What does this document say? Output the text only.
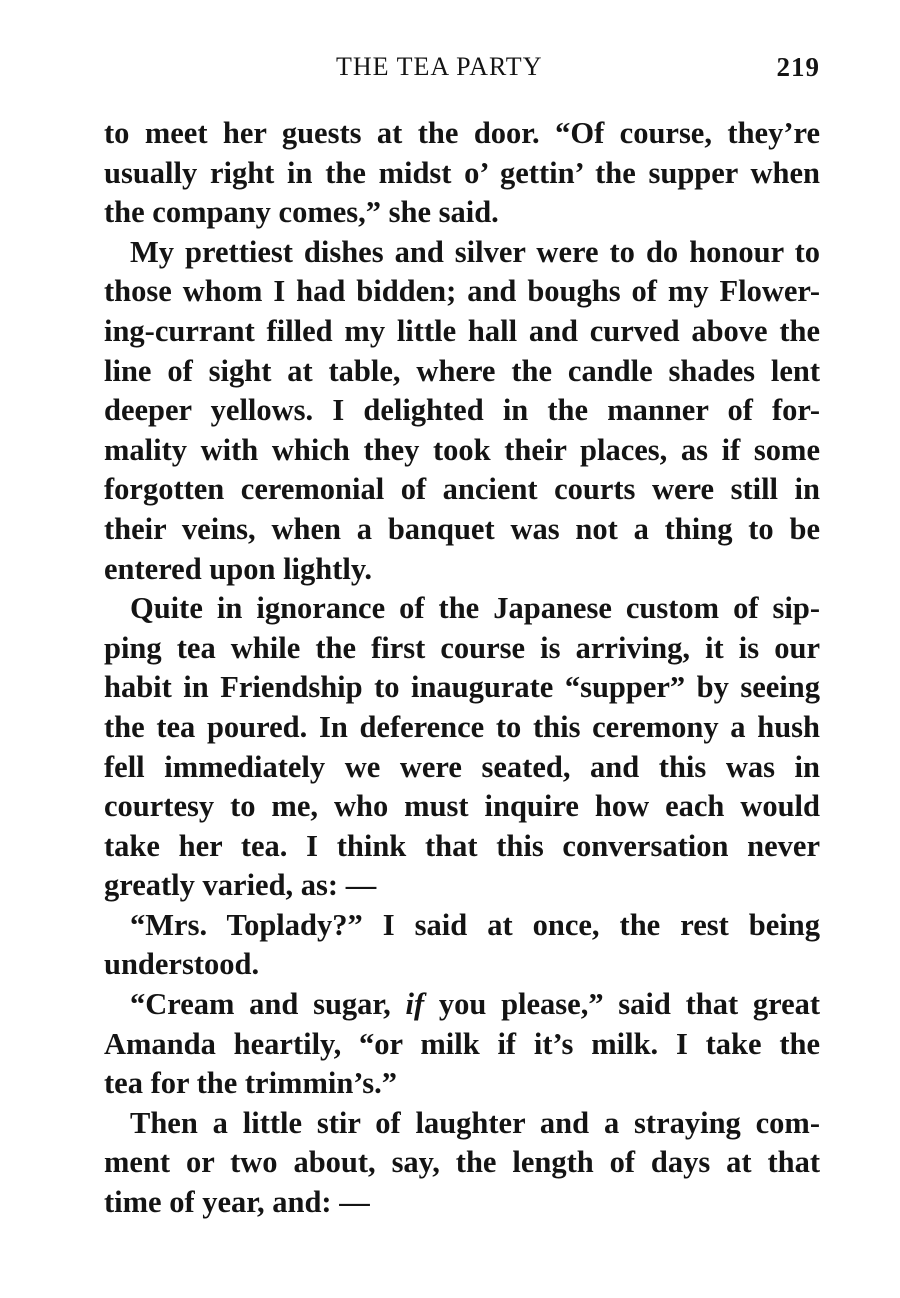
THE TEA PARTY	219

to meet her guests at the door. “Of course, they’re
usually right in the midst o’ gettin’ the supper when
the company comes,” she said.

My prettiest dishes and silver were to do honour to
those whom I had bidden; and boughs of my Flower-
ing-currant filled my little hall and curved above the
line of sight at table, where the candle shades lent
deeper yellows. I delighted in the manner of for-
mality with which they took their places, as if some
forgotten ceremonial of ancient courts were still in
their veins, when a banquet was not a thing to be
entered upon lightly.

Quite in ignorance of the Japanese custom of sip-
ping tea while the first course is arriving, it is our
habit in Friendship to inaugurate “supper” by seeing
the tea poured. In deference to this ceremony a hush
fell immediately we were seated, and this was in
courtesy to me, who must inquire how each would
take her tea. I think that this conversation never
greatly varied, as: —

“Mrs. Toplady?” I said at once, the rest being
understood.

“Cream and sugar, if you please,” said that great
Amanda heartily, “or milk if it’s milk. I take the
tea for the trimmin’s.”

Then a little stir of laughter and a straying com-
ment or two about, say, the length of days at that
time of year, and: —
